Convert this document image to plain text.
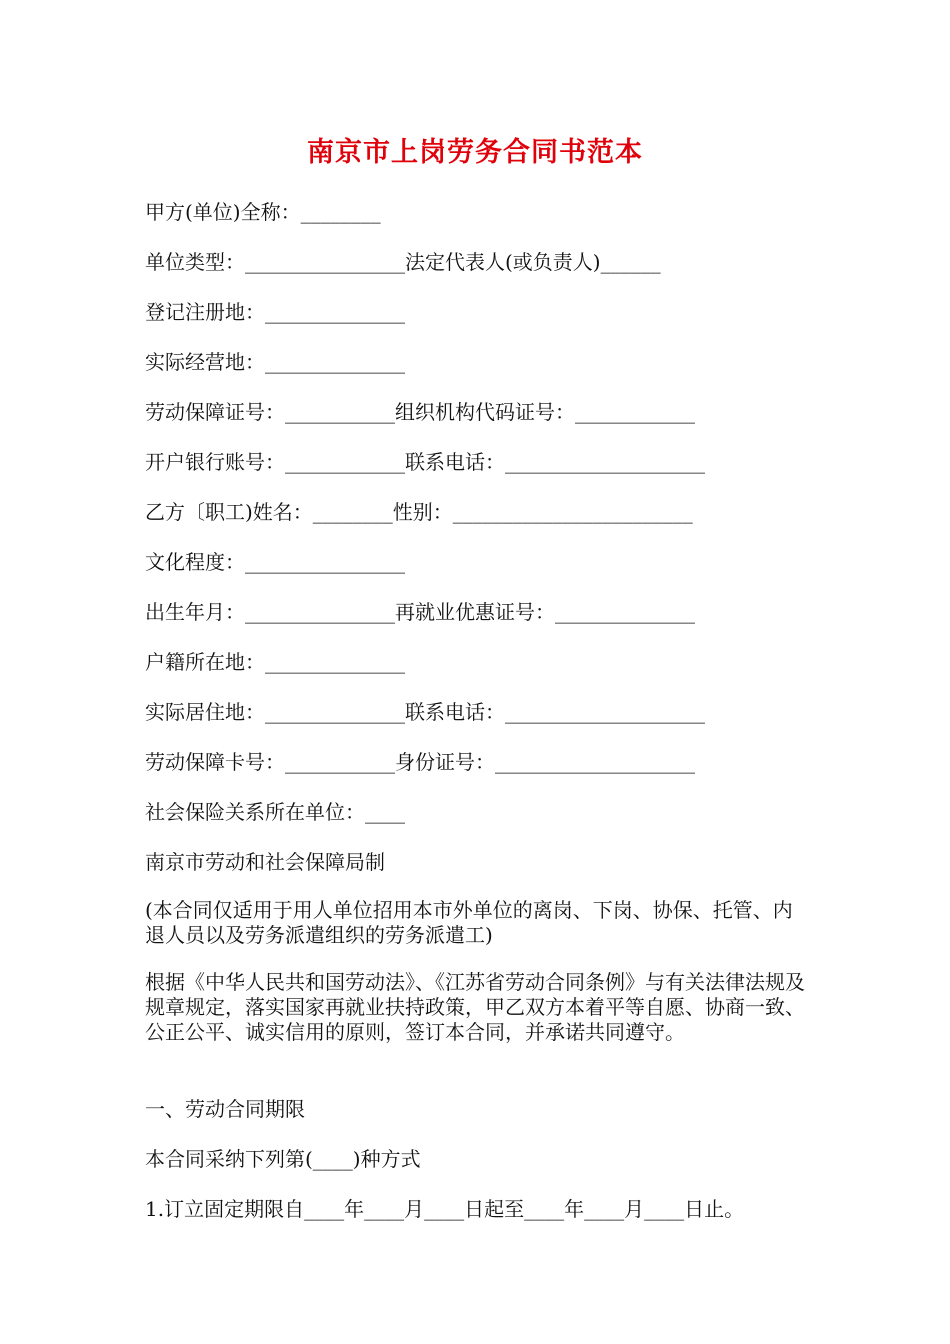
南京市上岗劳务合同书范本
甲方(单位)全称：________
单位类型：________________法定代表人(或负责人)______
登记注册地：______________
实际经营地：______________
劳动保障证号：___________组织机构代码证号：____________
开户银行账号：____________联系电话：____________________
乙方〔职工)姓名：________性别：________________________
文化程度：________________
出生年月：_______________再就业优惠证号：______________
户籍所在地：______________
实际居住地：______________联系电话：____________________
劳动保障卡号：___________身份证号：____________________
社会保险关系所在单位：____
南京市劳动和社会保障局制
(本合同仅适用于用人单位招用本市外单位的离岗、下岗、协保、托管、内退人员以及劳务派遣组织的劳务派遣工)
根据《中华人民共和国劳动法》、《江苏省劳动合同条例》与有关法律法规及规章规定，落实国家再就业扶持政策，甲乙双方本着平等自愿、协商一致、公正公平、诚实信用的原则，签订本合同，并承诺共同遵守。
一、劳动合同期限
本合同采纳下列第(____)种方式
1.订立固定期限自____年____月____日起至____年____月____日止。
